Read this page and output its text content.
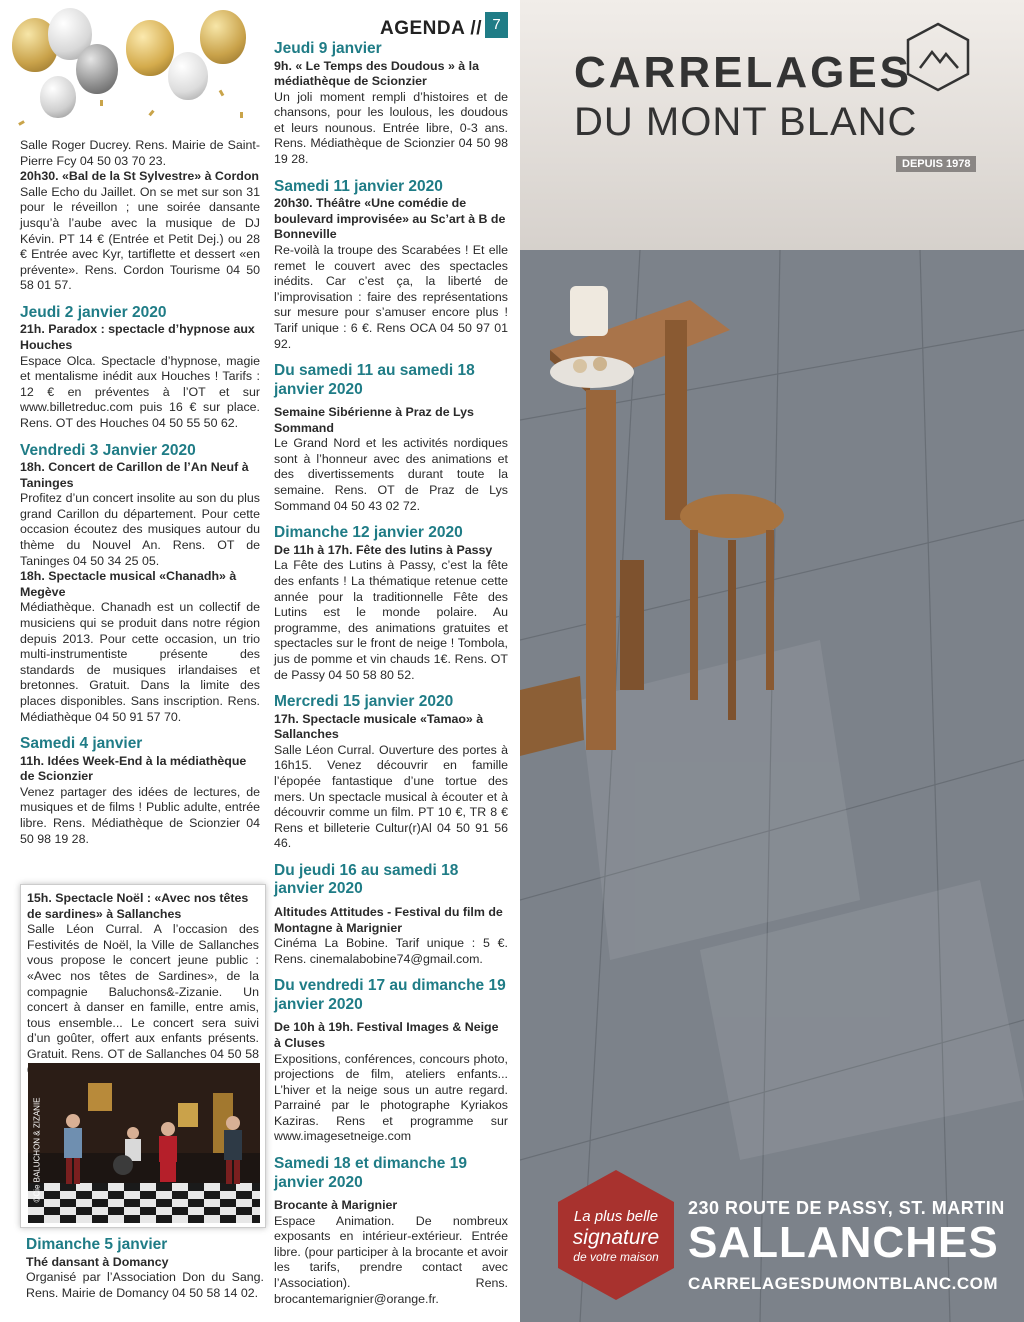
AGENDA // 7
Salle Roger Ducrey. Rens. Mairie de Saint-Pierre Fcy 04 50 03 70 23.
20h30. «Bal de la St Sylvestre» à Cordon
Salle Echo du Jaillet. On se met sur son 31 pour le réveillon ; une soirée dansante jusqu’à l’aube avec la musique de DJ Kévin. PT 14 € (Entrée et Petit Dej.) ou 28 € Entrée avec Kyr, tartiflette et dessert «en prévente». Rens. Cordon Tourisme 04 50 58 01 57.
Jeudi 2 janvier 2020
21h. Paradox : spectacle d’hypnose aux Houches
Espace Olca. Spectacle d’hypnose, magie et mentalisme inédit aux Houches ! Tarifs : 12 € en préventes à l’OT et sur www.billetreduc.com puis 16 € sur place. Rens. OT des Houches 04 50 55 50 62.
Vendredi 3 Janvier 2020
18h. Concert de Carillon de l’An Neuf à Taninges
Profitez d’un concert insolite au son du plus grand Carillon du département. Pour cette occasion écoutez des musiques autour du thème du Nouvel An. Rens. OT de Taninges 04 50 34 25 05.
18h. Spectacle musical «Chanadh» à Megève
Médiathèque. Chanadh est un collectif de musiciens qui se produit dans notre région depuis 2013. Pour cette occasion, un trio multi-instrumentiste présente des standards de musiques irlandaises et bretonnes. Gratuit. Dans la limite des places disponibles. Sans inscription. Rens. Médiathèque 04 50 91 57 70.
Samedi 4 janvier
11h. Idées Week-End à la médiathèque de Scionzier
Venez partager des idées de lectures, de musiques et de films ! Public adulte, entrée libre. Rens. Médiathèque de Scionzier 04 50 98 19 28.
15h. Spectacle Noël : «Avec nos têtes de sardines» à Sallanches
Salle Léon Curral. A l’occasion des Festivités de Noël, la Ville de Sallanches vous propose le concert jeune public : «Avec nos têtes de Sardines», de la compagnie Baluchons&-Zizanie. Un concert à danser en famille, entre amis, tous ensemble... Le concert sera suivi d’un goûter, offert aux enfants présents. Gratuit. Rens. OT de Sallanches 04 50 58
©Cie BALUCHON & ZIZANIE
Dimanche 5 janvier
Thé dansant à Domancy
Organisé par l’Association Don du Sang. Rens. Mairie de Domancy 04 50 58 14 02.
Jeudi 9 janvier
9h. « Le Temps des Doudous » à la médiathèque de Scionzier
Un joli moment rempli d’histoires et de chansons, pour les loulous, les doudous et leurs nounous. Entrée libre, 0-3 ans. Rens. Médiathèque de Scionzier 04 50 98 19 28.
Samedi 11 janvier 2020
20h30. Théâtre «Une comédie de boulevard improvisée» au Sc’art à B de Bonneville
Re-voilà la troupe des Scarabées ! Et elle remet le couvert avec des spectacles inédits. Car c’est ça, la liberté de l’improvisation : faire des représentations sur mesure pour s’amuser encore plus ! Tarif unique : 6 €. Rens OCA 04 50 97 01 92.
Du samedi 11 au samedi 18 janvier 2020
Semaine Sibérienne à Praz de Lys Sommand
Le Grand Nord et les activités nordiques sont à l’honneur avec des animations et des divertissements durant toute la semaine. Rens. OT de Praz de Lys Sommand 04 50 43 02 72.
Dimanche 12 janvier 2020
De 11h à 17h. Fête des lutins à Passy
La Fête des Lutins à Passy, c’est la fête des enfants ! La thématique retenue cette année pour la traditionnelle Fête des Lutins est le monde polaire. Au programme, des animations gratuites et spectacles sur le front de neige ! Tombola, jus de pomme et vin chauds 1€. Rens. OT de Passy 04 50 58 80 52.
Mercredi 15 janvier 2020
17h. Spectacle musicale «Tamao» à Sallanches
Salle Léon Curral. Ouverture des portes à 16h15. Venez découvrir en famille l’épopée fantastique d’une tortue des mers. Un spectacle musical à écouter et à découvrir comme un film. PT 10 €, TR 8 € Rens et billeterie Cultur(r)Al 04 50 91 56 46.
Du jeudi 16 au samedi 18 janvier 2020
Altitudes Attitudes - Festival du film de Montagne à Marignier
Cinéma La Bobine. Tarif unique : 5 €. Rens. cinemalabobine74@gmail.com.
Du vendredi 17 au dimanche 19 janvier 2020
De 10h à 19h. Festival Images & Neige à Cluses
Expositions, conférences, concours photo, projections de film, ateliers enfants... L’hiver et la neige sous un autre regard. Parrainé par le photographe Kyriakos Kaziras. Rens et programme sur www.imagesetneige.com
Samedi 18 et dimanche 19 janvier 2020
Brocante à Marignier
Espace Animation. De nombreux exposants en intérieur-extérieur. Entrée libre. (pour participer à la brocante et avoir les tarifs, prendre contact avec l’Association). Rens. brocantemarignier@orange.fr.
CARRELAGES
DU MONT BLANC
DEPUIS 1978
La plus belle
signature
de votre maison
230 ROUTE DE PASSY, ST. MARTIN
SALLANCHES
CARRELAGESDUMONTBLANC.COM
